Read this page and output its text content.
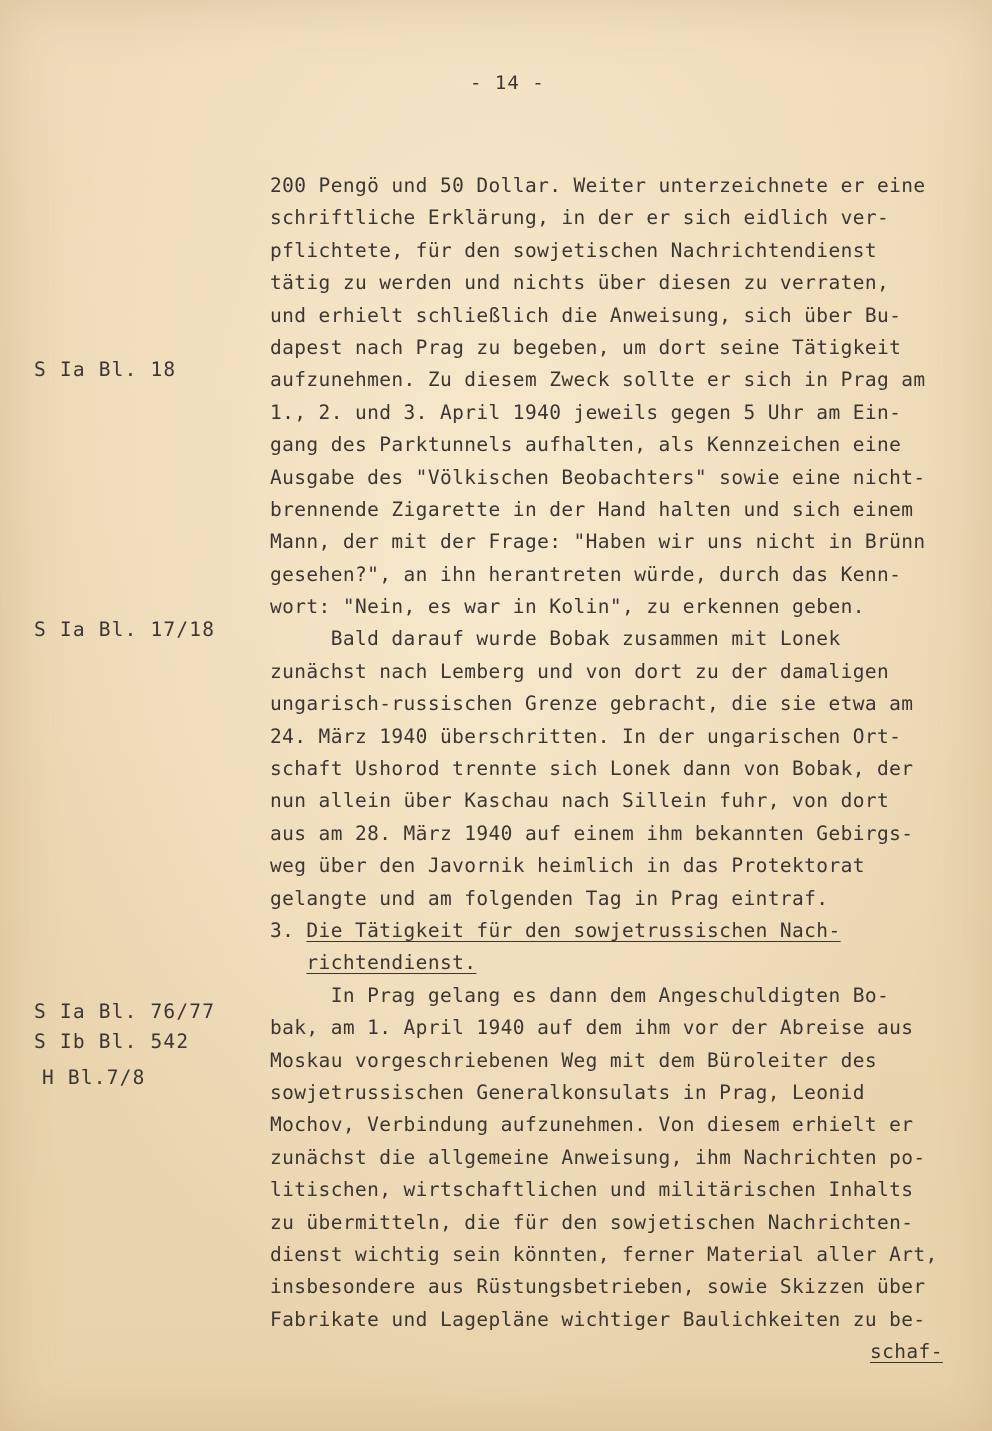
- 14 -
S Ia Bl. 18
S Ia Bl. 17/18
S Ia Bl. 76/77
S Ib Bl. 542
H Bl.7/8
200 Pengö und 50 Dollar. Weiter unterzeichnete er eine
schriftliche Erklärung, in der er sich eidlich ver-
pflichtete, für den sowjetischen Nachrichtendienst
tätig zu werden und nichts über diesen zu verraten,
und erhielt schließlich die Anweisung, sich über Bu-
dapest nach Prag zu begeben, um dort seine Tätigkeit
aufzunehmen. Zu diesem Zweck sollte er sich in Prag am
1., 2. und 3. April 1940 jeweils gegen 5 Uhr am Ein-
gang des Parktunnels aufhalten, als Kennzeichen eine
Ausgabe des "Völkischen Beobachters" sowie eine nicht-
brennende Zigarette in der Hand halten und sich einem
Mann, der mit der Frage: "Haben wir uns nicht in Brünn
gesehen?", an ihn herantreten würde, durch das Kenn-
wort: "Nein, es war in Kolin", zu erkennen geben.
Bald darauf wurde Bobak zusammen mit Lonek
zunächst nach Lemberg und von dort zu der damaligen
ungarisch-russischen Grenze gebracht, die sie etwa am
24. März 1940 überschritten. In der ungarischen Ort-
schaft Ushorod trennte sich Lonek dann von Bobak, der
nun allein über Kaschau nach Sillein fuhr, von dort
aus am 28. März 1940 auf einem ihm bekannten Gebirgs-
weg über den Javornik heimlich in das Protektorat
gelangte und am folgenden Tag in Prag eintraf.
3. Die Tätigkeit für den sowjetrussischen Nach-
richtendienst.
In Prag gelang es dann dem Angeschuldigten Bo-
bak, am 1. April 1940 auf dem ihm vor der Abreise aus
Moskau vorgeschriebenen Weg mit dem Büroleiter des
sowjetrussischen Generalkonsulats in Prag, Leonid
Mochov, Verbindung aufzunehmen. Von diesem erhielt er
zunächst die allgemeine Anweisung, ihm Nachrichten po-
litischen, wirtschaftlichen und militärischen Inhalts
zu übermitteln, die für den sowjetischen Nachrichten-
dienst wichtig sein könnten, ferner Material aller Art,
insbesondere aus Rüstungsbetrieben, sowie Skizzen über
Fabrikate und Lagepläne wichtiger Baulichkeiten zu be-
schaf-
